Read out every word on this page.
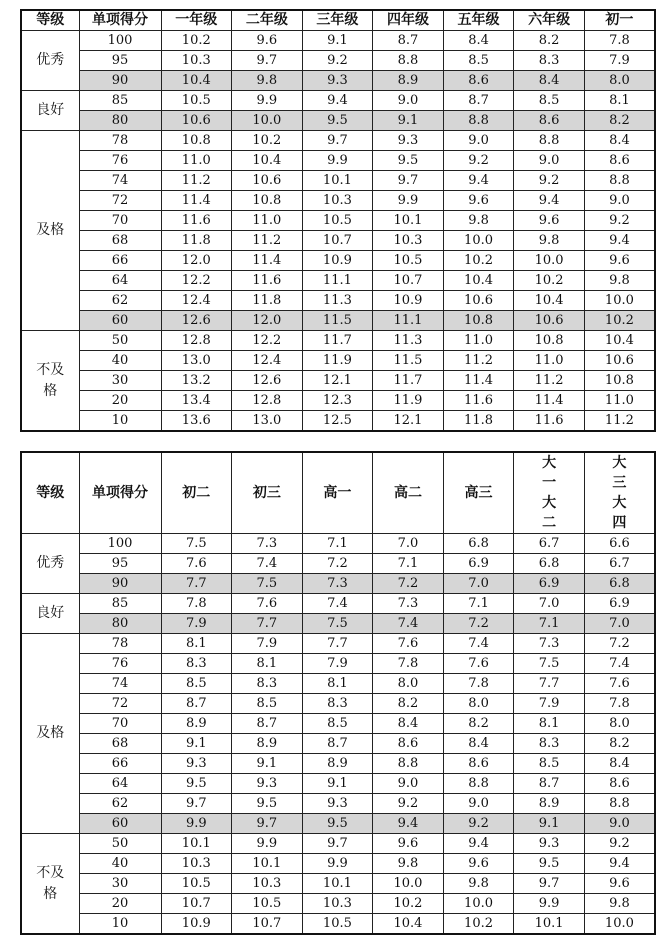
等级	单项得分	一年级	二年级	三年级	四年级	五年级	六年级	初一
优秀	100	10.2	9.6	9.1	8.7	8.4	8.2	7.8
	95	10.3	9.7	9.2	8.8	8.5	8.3	7.9
	90	10.4	9.8	9.3	8.9	8.6	8.4	8.0
良好	85	10.5	9.9	9.4	9.0	8.7	8.5	8.1
	80	10.6	10.0	9.5	9.1	8.8	8.6	8.2
及格	78	10.8	10.2	9.7	9.3	9.0	8.8	8.4
	76	11.0	10.4	9.9	9.5	9.2	9.0	8.6
	74	11.2	10.6	10.1	9.7	9.4	9.2	8.8
	72	11.4	10.8	10.3	9.9	9.6	9.4	9.0
	70	11.6	11.0	10.5	10.1	9.8	9.6	9.2
	68	11.8	11.2	10.7	10.3	10.0	9.8	9.4
	66	12.0	11.4	10.9	10.5	10.2	10.0	9.6
	64	12.2	11.6	11.1	10.7	10.4	10.2	9.8
	62	12.4	11.8	11.3	10.9	10.6	10.4	10.0
	60	12.6	12.0	11.5	11.1	10.8	10.6	10.2
不及格	50	12.8	12.2	11.7	11.3	11.0	10.8	10.4
	40	13.0	12.4	11.9	11.5	11.2	11.0	10.6
	30	13.2	12.6	12.1	11.7	11.4	11.2	10.8
	20	13.4	12.8	12.3	11.9	11.6	11.4	11.0
	10	13.6	13.0	12.5	12.1	11.8	11.6	11.2
等级	单项得分	初二	初三	高一	高二	高三	大一大二	大三大四
优秀	100	7.5	7.3	7.1	7.0	6.8	6.7	6.6
	95	7.6	7.4	7.2	7.1	6.9	6.8	6.7
	90	7.7	7.5	7.3	7.2	7.0	6.9	6.8
良好	85	7.8	7.6	7.4	7.3	7.1	7.0	6.9
	80	7.9	7.7	7.5	7.4	7.2	7.1	7.0
及格	78	8.1	7.9	7.7	7.6	7.4	7.3	7.2
	76	8.3	8.1	7.9	7.8	7.6	7.5	7.4
	74	8.5	8.3	8.1	8.0	7.8	7.7	7.6
	72	8.7	8.5	8.3	8.2	8.0	7.9	7.8
	70	8.9	8.7	8.5	8.4	8.2	8.1	8.0
	68	9.1	8.9	8.7	8.6	8.4	8.3	8.2
	66	9.3	9.1	8.9	8.8	8.6	8.5	8.4
	64	9.5	9.3	9.1	9.0	8.8	8.7	8.6
	62	9.7	9.5	9.3	9.2	9.0	8.9	8.8
	60	9.9	9.7	9.5	9.4	9.2	9.1	9.0
不及格	50	10.1	9.9	9.7	9.6	9.4	9.3	9.2
	40	10.3	10.1	9.9	9.8	9.6	9.5	9.4
	30	10.5	10.3	10.1	10.0	9.8	9.7	9.6
	20	10.7	10.5	10.3	10.2	10.0	9.9	9.8
	10	10.9	10.7	10.5	10.4	10.2	10.1	10.0
